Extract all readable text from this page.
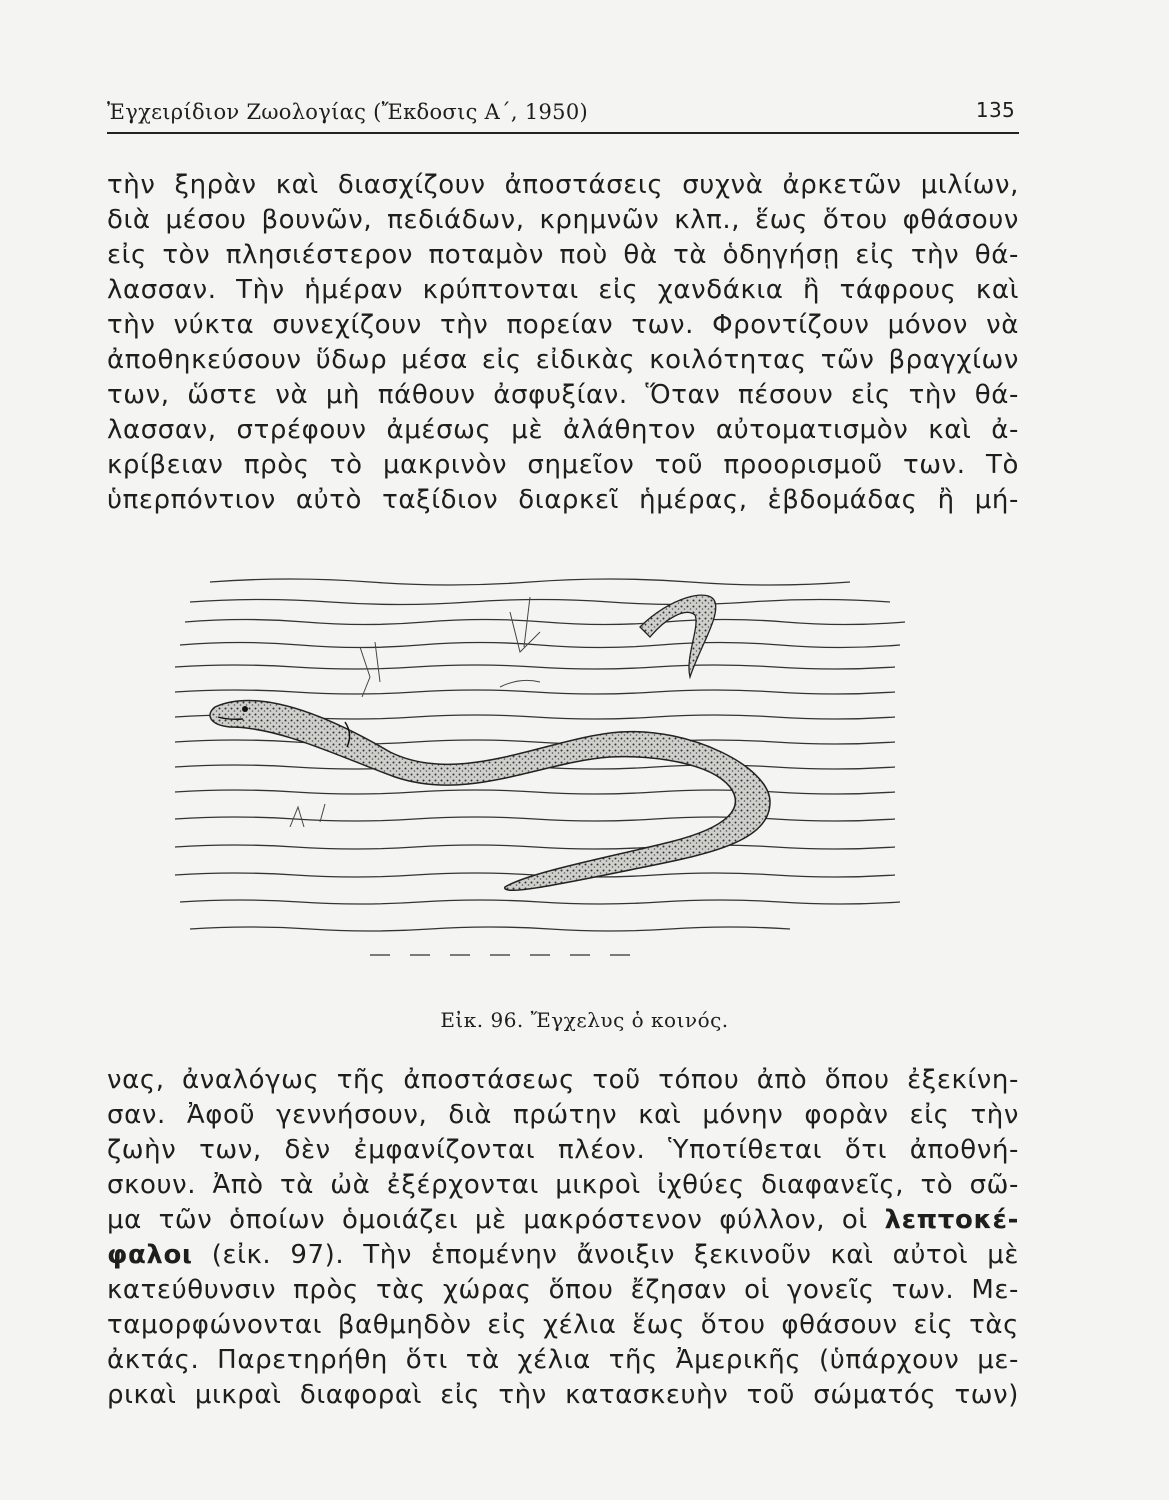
Ἐγχειρίδιον Ζωολογίας (Ἔκδοσις Α΄, 1950)	135
τὴν ξηρὰν καὶ διασχίζουν ἀποστάσεις συχνὰ ἀρκετῶν μιλίων,
διὰ μέσου βουνῶν, πεδιάδων, κρημνῶν κλπ., ἕως ὅτου φθάσουν
εἰς τὸν πλησιέστερον ποταμὸν ποὺ θὰ τὰ ὁδηγήσῃ εἰς τὴν θά-
λασσαν. Τὴν ἡμέραν κρύπτονται εἰς χανδάκια ἢ τάφρους καὶ
τὴν νύκτα συνεχίζουν τὴν πορείαν των. Φροντίζουν μόνον νὰ
ἀποθηκεύσουν ὕδωρ μέσα εἰς εἰδικὰς κοιλότητας τῶν βραγχίων
των, ὥστε νὰ μὴ πάθουν ἀσφυξίαν. Ὅταν πέσουν εἰς τὴν θά-
λασσαν, στρέφουν ἀμέσως μὲ ἀλάθητον αὐτοματισμὸν καὶ ἀ-
κρίβειαν πρὸς τὸ μακρινὸν σημεῖον τοῦ προορισμοῦ των. Τὸ
ὑπερπόντιον αὐτὸ ταξίδιον διαρκεῖ ἡμέρας, ἑβδομάδας ἢ μή-
Εἰκ. 96. Ἔγχελυς ὁ κοινός.
νας, ἀναλόγως τῆς ἀποστάσεως τοῦ τόπου ἀπὸ ὅπου ἐξεκίνη-
σαν. Ἀφοῦ γεννήσουν, διὰ πρώτην καὶ μόνην φορὰν εἰς τὴν
ζωὴν των, δὲν ἐμφανίζονται πλέον. Ὑποτίθεται ὅτι ἀποθνή-
σκουν. Ἀπὸ τὰ ὠὰ ἐξέρχονται μικροὶ ἰχθύες διαφανεῖς, τὸ σῶ-
μα τῶν ὁποίων ὁμοιάζει μὲ μακρόστενον φύλλον, οἱ λεπτοκέ-
φαλοι (εἰκ. 97). Τὴν ἑπομένην ἄνοιξιν ξεκινοῦν καὶ αὐτοὶ μὲ
κατεύθυνσιν πρὸς τὰς χώρας ὅπου ἔζησαν οἱ γονεῖς των. Με-
ταμορφώνονται βαθμηδὸν εἰς χέλια ἕως ὅτου φθάσουν εἰς τὰς
ἀκτάς. Παρετηρήθη ὅτι τὰ χέλια τῆς Ἀμερικῆς (ὑπάρχουν με-
ρικαὶ μικραὶ διαφοραὶ εἰς τὴν κατασκευὴν τοῦ σώματός των)
